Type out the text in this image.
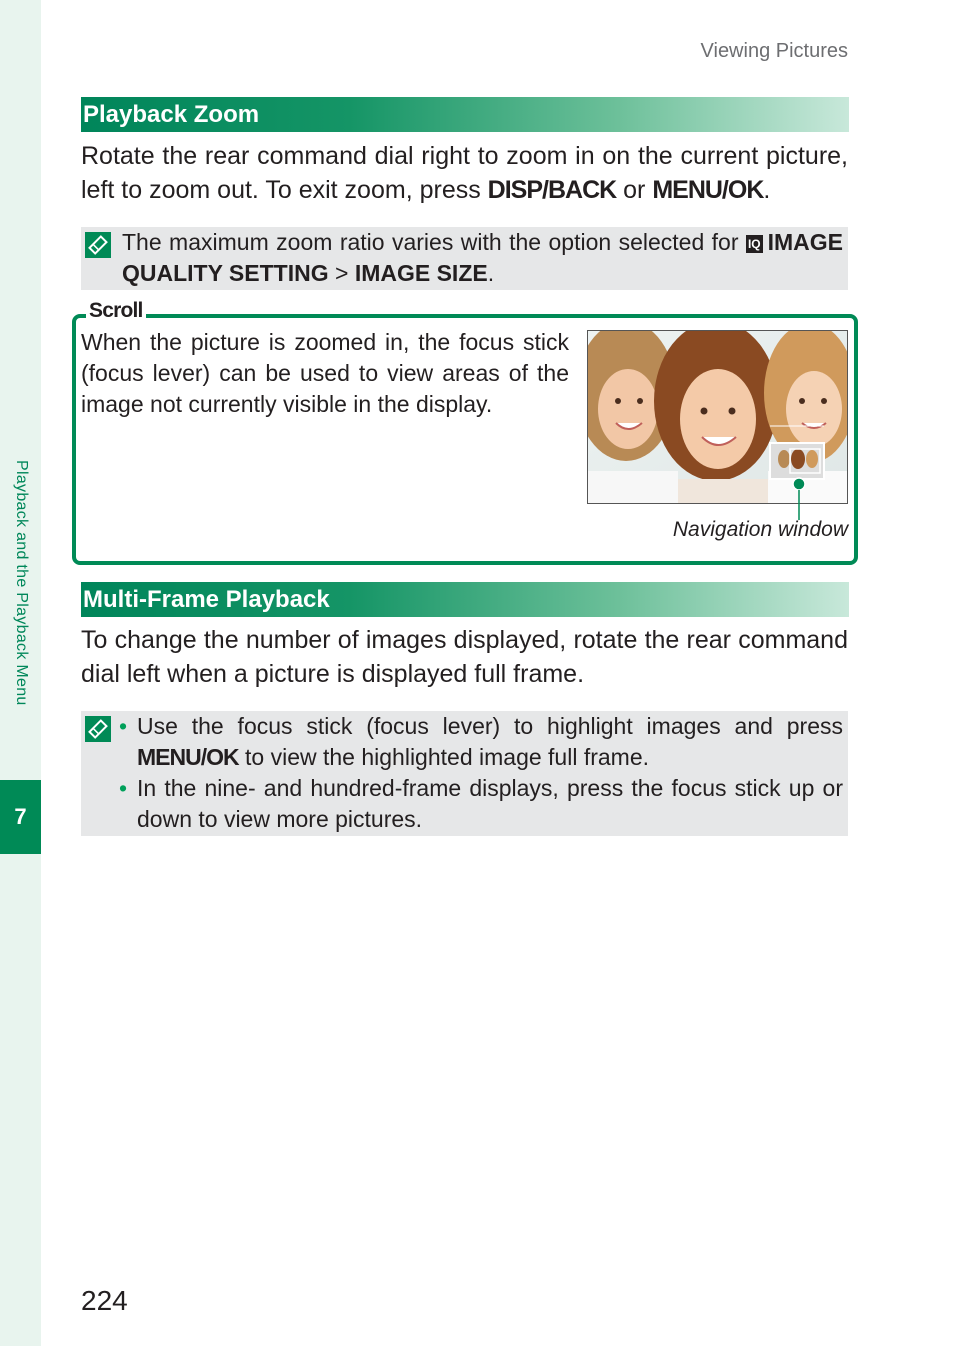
Playback and the Playback Menu
7
Viewing Pictures
Playback Zoom
Rotate the rear command dial right to zoom in on the current picture, left to zoom out. To exit zoom, press DISP/BACK or MENU/OK.
The maximum zoom ratio varies with the option selected for IQ IMAGE QUALITY SETTING > IMAGE SIZE.
Scroll
When the picture is zoomed in, the focus stick (focus lever) can be used to view areas of the image not currently visible in the display.
Navigation window
Multi-Frame Playback
To change the number of images displayed, rotate the rear command dial left when a picture is displayed full frame.
• Use the focus stick (focus lever) to highlight images and press MENU/OK to view the highlighted image full frame.
• In the nine- and hundred-frame displays, press the focus stick up or down to view more pictures.
224
